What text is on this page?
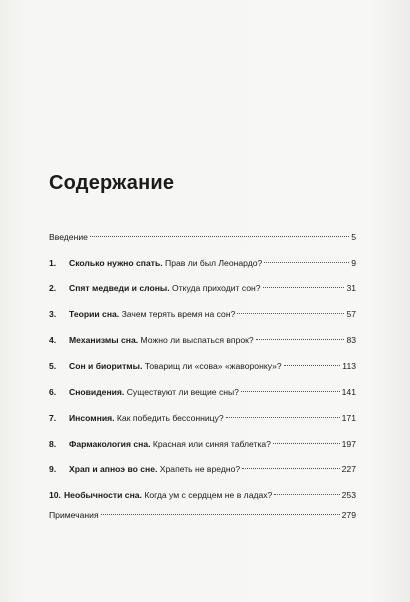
Содержание
Введение	5
1.	Сколько нужно спать. Прав ли был Леонардо?	9
2.	Спят медведи и слоны. Откуда приходит сон?	31
3.	Теории сна. Зачем терять время на сон?	57
4.	Механизмы сна. Можно ли выспаться впрок?	83
5.	Сон и биоритмы. Товарищ ли «сова» «жаворонку»?	113
6.	Сновидения. Существуют ли вещие сны?	141
7.	Инсомния. Как победить бессонницу?	171
8.	Фармакология сна. Красная или синяя таблетка?	197
9.	Храп и апноэ во сне. Храпеть не вредно?	227
10. Необычности сна. Когда ум с сердцем не в ладах?	253
Примечания	279
